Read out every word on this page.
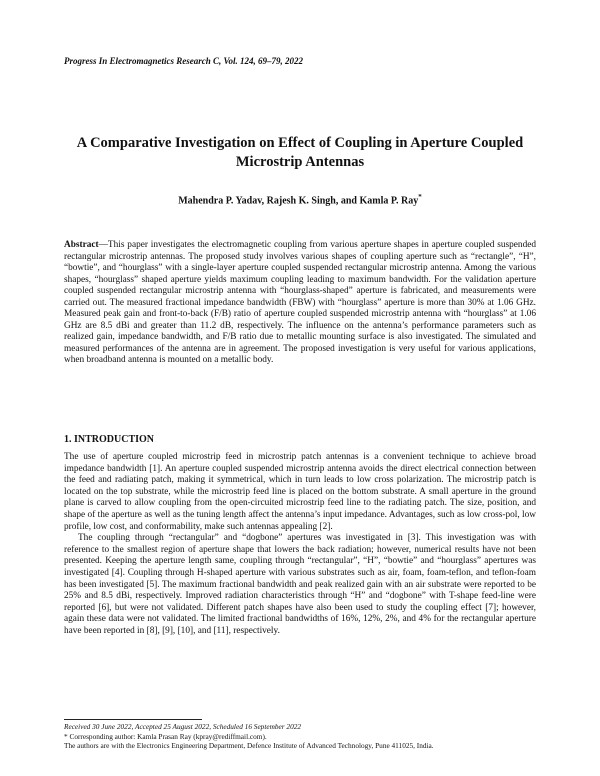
Progress In Electromagnetics Research C, Vol. 124, 69–79, 2022
A Comparative Investigation on Effect of Coupling in Aperture Coupled Microstrip Antennas
Mahendra P. Yadav, Rajesh K. Singh, and Kamla P. Ray*
Abstract—This paper investigates the electromagnetic coupling from various aperture shapes in aperture coupled suspended rectangular microstrip antennas. The proposed study involves various shapes of coupling aperture such as “rectangle”, “H”, “bowtie”, and “hourglass” with a single-layer aperture coupled suspended rectangular microstrip antenna. Among the various shapes, “hourglass” shaped aperture yields maximum coupling leading to maximum bandwidth. For the validation aperture coupled suspended rectangular microstrip antenna with “hourglass-shaped” aperture is fabricated, and measurements were carried out. The measured fractional impedance bandwidth (FBW) with “hourglass” aperture is more than 30% at 1.06 GHz. Measured peak gain and front-to-back (F/B) ratio of aperture coupled suspended microstrip antenna with “hourglass” at 1.06 GHz are 8.5 dBi and greater than 11.2 dB, respectively. The influence on the antenna’s performance parameters such as realized gain, impedance bandwidth, and F/B ratio due to metallic mounting surface is also investigated. The simulated and measured performances of the antenna are in agreement. The proposed investigation is very useful for various applications, when broadband antenna is mounted on a metallic body.
1. INTRODUCTION

The use of aperture coupled microstrip feed in microstrip patch antennas is a convenient technique to achieve broad impedance bandwidth [1]. An aperture coupled suspended microstrip antenna avoids the direct electrical connection between the feed and radiating patch, making it symmetrical, which in turn leads to low cross polarization. The microstrip patch is located on the top substrate, while the microstrip feed line is placed on the bottom substrate. A small aperture in the ground plane is carved to allow coupling from the open-circuited microstrip feed line to the radiating patch. The size, position, and shape of the aperture as well as the tuning length affect the antenna’s input impedance. Advantages, such as low cross-pol, low profile, low cost, and conformability, make such antennas appealing [2].

The coupling through “rectangular” and “dogbone” apertures was investigated in [3]. This investigation was with reference to the smallest region of aperture shape that lowers the back radiation; however, numerical results have not been presented. Keeping the aperture length same, coupling through “rectangular”, “H”, “bowtie” and “hourglass” apertures was investigated [4]. Coupling through H-shaped aperture with various substrates such as air, foam, foam-teflon, and teflon-foam has been investigated [5]. The maximum fractional bandwidth and peak realized gain with an air substrate were reported to be 25% and 8.5 dBi, respectively. Improved radiation characteristics through “H” and “dogbone” with T-shape feed-line were reported [6], but were not validated. Different patch shapes have also been used to study the coupling effect [7]; however, again these data were not validated. The limited fractional bandwidths of 16%, 12%, 2%, and 4% for the rectangular aperture have been reported in [8], [9], [10], and [11], respectively.

Received 30 June 2022, Accepted 25 August 2022, Scheduled 16 September 2022
* Corresponding author: Kamla Prasan Ray (kpray@rediffmail.com).
The authors are with the Electronics Engineering Department, Defence Institute of Advanced Technology, Pune 411025, India.
